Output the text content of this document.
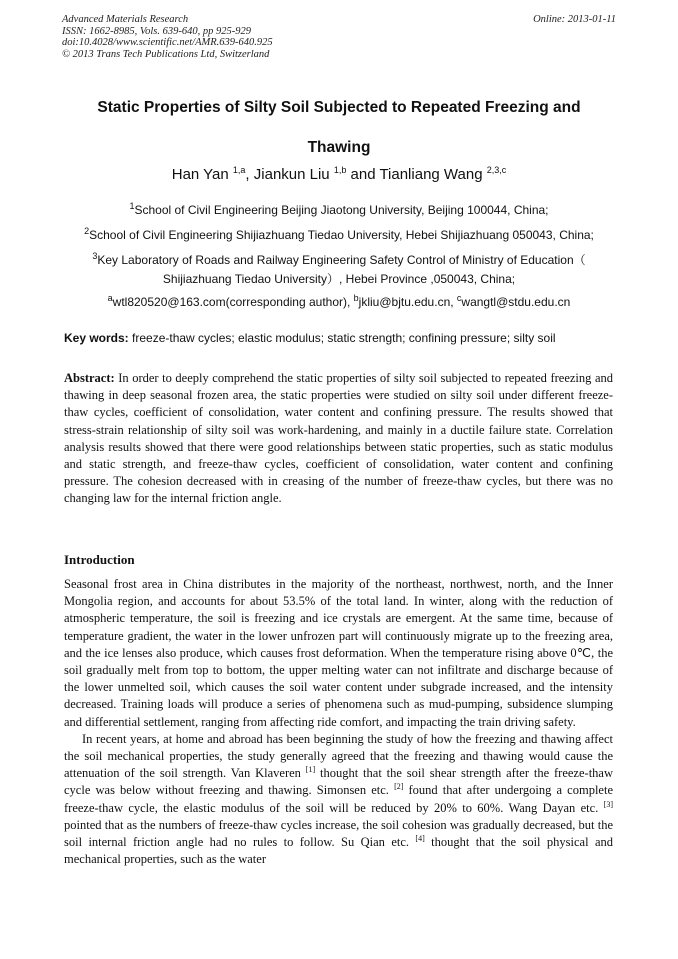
Advanced Materials Research
ISSN: 1662-8985, Vols. 639-640, pp 925-929
doi:10.4028/www.scientific.net/AMR.639-640.925
© 2013 Trans Tech Publications Ltd, Switzerland
Online: 2013-01-11
Static Properties of Silty Soil Subjected to Repeated Freezing and
Thawing
Han Yan $^{1,a}$, Jiankun Liu $^{1,b}$ and Tianliang Wang $^{2,3,c}$
$^1$School of Civil Engineering Beijing Jiaotong University, Beijing 100044, China;
$^2$School of Civil Engineering Shijiazhuang Tiedao University, Hebei Shijiazhuang 050043, China;
$^3$Key Laboratory of Roads and Railway Engineering Safety Control of Ministry of Education（
Shijiazhuang Tiedao University）, Hebei Province ,050043, China;
$^a$wtl820520@163.com(corresponding author), $^b$jkliu@bjtu.edu.cn, $^c$wangtl@stdu.edu.cn
Key words: freeze-thaw cycles; elastic modulus; static strength; confining pressure; silty soil

Abstract: In order to deeply comprehend the static properties of silty soil subjected to repeated freezing and thawing in deep seasonal frozen area, the static properties were studied on silty soil under different freeze-thaw cycles, coefficient of consolidation, water content and confining pressure. The results showed that stress-strain relationship of silty soil was work-hardening, and mainly in a ductile failure state. Correlation analysis results showed that there were good relationships between static properties, such as static modulus and static strength, and freeze-thaw cycles, coefficient of consolidation, water content and confining pressure. The cohesion decreased with in creasing of the number of freeze-thaw cycles, but there was no changing law for the internal friction angle.

Introduction

Seasonal frost area in China distributes in the majority of the northeast, northwest, north, and the Inner Mongolia region, and accounts for about 53.5% of the total land. In winter, along with the reduction of atmospheric temperature, the soil is freezing and ice crystals are emergent. At the same time, because of temperature gradient, the water in the lower unfrozen part will continuously migrate up to the freezing area, and the ice lenses also produce, which causes frost deformation. When the temperature rising above 0℃, the soil gradually melt from top to bottom, the upper melting water can not infiltrate and discharge because of the lower unmelted soil, which causes the soil water content under subgrade increased, and the intensity decreased. Training loads will produce a series of phenomena such as mud-pumping, subsidence slumping and differential settlement, ranging from affecting ride comfort, and impacting the train driving safety.

In recent years, at home and abroad has been beginning the study of how the freezing and thawing affect the soil mechanical properties, the study generally agreed that the freezing and thawing would cause the attenuation of the soil strength. Van Klaveren [1] thought that the soil shear strength after the freeze-thaw cycle was below without freezing and thawing. Simonsen etc. [2] found that after undergoing a complete freeze-thaw cycle, the elastic modulus of the soil will be reduced by 20% to 60%. Wang Dayan etc. [3] pointed that as the numbers of freeze-thaw cycles increase, the soil cohesion was gradually decreased, but the soil internal friction angle had no rules to follow. Su Qian etc. [4] thought that the soil physical and mechanical properties, such as the water
